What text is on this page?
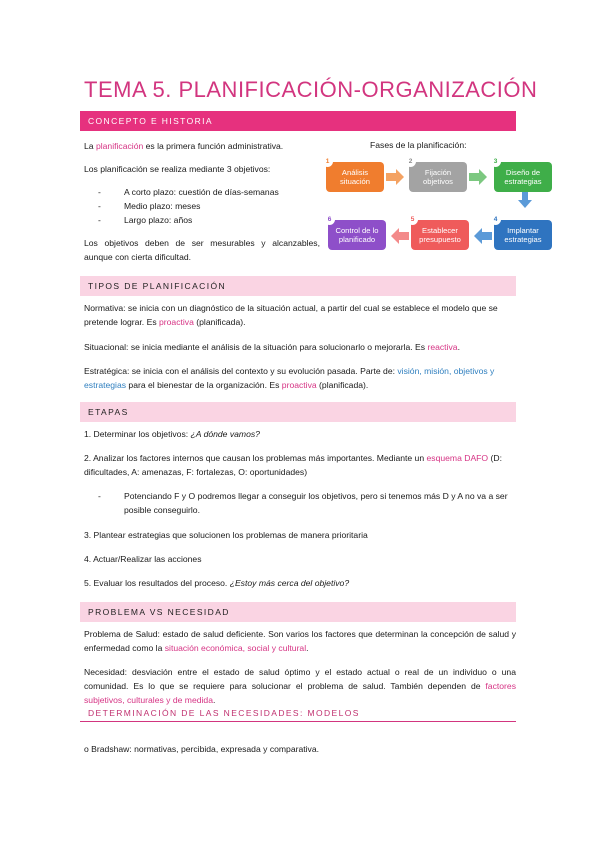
TEMA 5. PLANIFICACIÓN-ORGANIZACIÓN
CONCEPTO E HISTORIA
La planificación es la primera función administrativa.
Los planificación se realiza mediante 3 objetivos:
- A corto plazo: cuestión de días-semanas
- Medio plazo: meses
- Largo plazo: años
Los objetivos deben de ser mesurables y alcanzables, aunque con cierta dificultad.
Fases de la planificación:
Análisis situación
1
Fijación objetivos
2
Diseño de estrategias
3
Implantar estrategias
4
Establecer presupuesto
5
Control de lo planificado
6
TIPOS DE PLANIFICACIÓN
Normativa: se inicia con un diagnóstico de la situación actual, a partir del cual se establece el modelo que se pretende lograr. Es proactiva (planificada).
Situacional: se inicia mediante el análisis de la situación para solucionarlo o mejorarla. Es reactiva.
Estratégica: se inicia con el análisis del contexto y su evolución pasada. Parte de: visión, misión, objetivos y estrategias para el bienestar de la organización. Es proactiva (planificada).
ETAPAS
1. Determinar los objetivos: ¿A dónde vamos?
2. Analizar los factores internos que causan los problemas más importantes. Mediante un esquema DAFO (D: dificultades, A: amenazas, F: fortalezas, O: oportunidades)
- Potenciando F y O podremos llegar a conseguir los objetivos, pero si tenemos más D y A no va a ser posible conseguirlo.
3. Plantear estrategias que solucionen los problemas de manera prioritaria
4. Actuar/Realizar las acciones
5. Evaluar los resultados del proceso. ¿Estoy más cerca del objetivo?
PROBLEMA VS NECESIDAD
Problema de Salud: estado de salud deficiente. Son varios los factores que determinan la concepción de salud y enfermedad como la situación económica, social y cultural.
Necesidad: desviación entre el estado de salud óptimo y el estado actual o real de un individuo o una comunidad. Es lo que se requiere para solucionar el problema de salud. También dependen de factores subjetivos, culturales y de medida.
DETERMINACIÓN DE LAS NECESIDADES: MODELOS
o Bradshaw: normativas, percibida, expresada y comparativa.
